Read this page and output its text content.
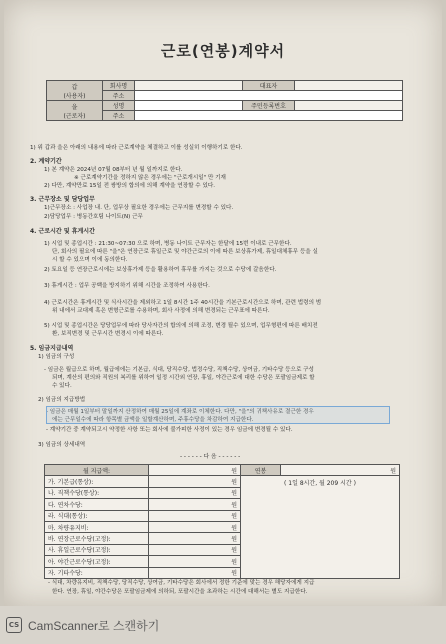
근로(연봉)계약서
갑
(사용자)	회사명		대표자	
	주소			
을
(근로자)	성명		주민등록번호	
	주소			
1) 위 갑과 을은 아래의 내용에 따라 근로계약을 체결하고 이를 성실히 이행하기로 한다.
2. 계약기간
1) 본 계약은 2024년 07월 08부터 년 월 일까지로 한다.
※ 근로계약기간을 정하지 않은 경우에는 "근로개시일" 만 기재
2) 다만, 계약만료 15일 전 쌍방의 합의에 의해 계약을 연장할 수 있다.
3. 근무장소 및 담당업무
1)근무장소 : 사업장 내. 단, 업무상 필요한 경우에는 근무지를 변경할 수 있다.
2)담당업무 : 병동간호팀 나이트(N) 근무
4. 근로시간 및 휴게시간
1) 시업 및 종업시간 : 21:30~07:30 으로 하며, 병동 나이트 근무자는 한달에 15번 이내로 근무한다.
단, 회사의 필요에 따른 "을"은 연장근로 휴일근로 및 야간근로의 이에 따른 보상휴가제, 휴일대체휴무 등을 실
시 할 수 있으며 이에 동의한다.
2) 토요일 등 연장근로시에는 보상휴가제 등을 활용하여 휴무를 가지는 것으로 수당에 갈음한다.
3) 휴게시간 : 업무 공백을 방지하기 위해 시간을 조정하여 사용한다.
4) 근로시간은 휴게시간 및 식사시간을 제외하고 1일 8시간 1주 40시간을 기본근로시간으로 하며, 관련 법령의 범
위 내에서 교대제 혹은 변형근로를 수용하며, 회사 사정에 의해 변경되는 근무표에 따른다.
5) 시업 및 종업시간은 당당업무에 따라 당사자간의 합의에 의해 조정, 변경 될수 있으며, 업무형편에 따른 배치전
환, 보직변경 및 근무시간 변경시 이에 따른다.
5. 임금지급내역
1) 임금의 구성
- 임금은 월급으로 하며, 월급에에는 기본급, 식대, 당직수당, 법정수당, 직책수당, 상여금, 기타수당 등으로 구성
되며, 계산의 편의와 직원의 복리를 위하여 일정 시간외 연장, 휴일, 야간근로에 대한 수당은 포괄임금제로 할
수 있다.
2) 임금의 지급방법
- 임금은 매월 1일부터 말일까지 산정하여 매월 25일에 계좌로 이체한다. 다만, "을"의 귀책사유로 결근한 경우
에는 근무일수에 따라 항목별 금액을 일할계산하며, 주휴수당을 차감하여 지급한다.
- 계약기간 중 계약되고시 약정한 사항 또는 회사에 불가피한 사정이 있는 경우 임금에 변경될 수 있다.
3) 임금의 상세내역
- - - - - - 다 음 - - - - - -
월 지급액:	원	연봉	원
가. 기본급(통상):	원	( 1일 8시간, 월 209 시간 )	
나. 직책수당(통상):	원		
다. 연차수당:	원		
라. 식대(통상):	원		
마. 차량유지비:	원		
바. 연장근로수당(고정):	원		
사. 휴일근로수당(고정):	원		
아. 야간근로수당(고정):	원		
자. 기타수당:	원		
- 식대, 차량유지비, 직책수당, 당직수당, 상여금, 기타수당은 회사에서 정한 기준에 맞는 경우 해당자에게 지급
한다. 연장, 휴일, 야간수당은 포괄임금제에 의하되, 포괄시간을 초과하는 시간에 대해서는 별도 지급한다.
CS CamScanner로 스캔하기
